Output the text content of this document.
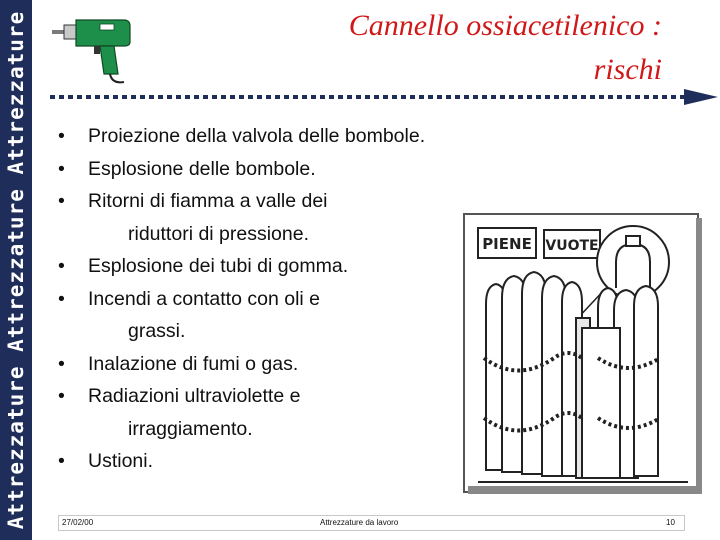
Attrezzature Attrezzature Attrezzature	Cannello ossiacetilenico :
rischi
• Proiezione della valvola delle bombole.
• Esplosione delle bombole.
• Ritorni di fiamma a valle dei
riduttori di pressione.
• Esplosione dei tubi di gomma.
• Incendi a contatto con oli e
grassi.
• Inalazione di fumi o gas.
• Radiazioni ultraviolette e
irraggiamento.
• Ustioni.
PIENE VUOTE
27/02/00	Attrezzature da lavoro	10
